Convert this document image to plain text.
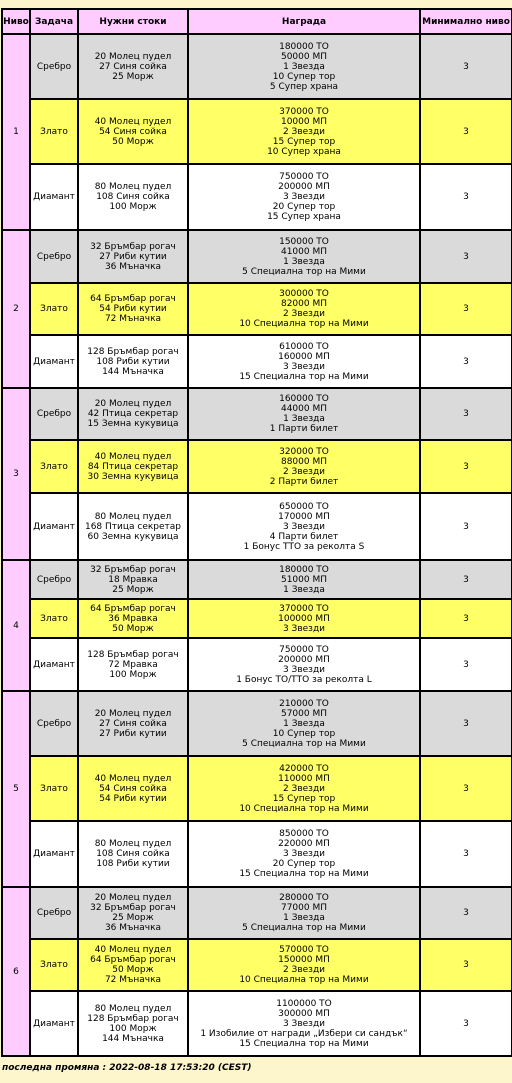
Ниво	Задача	Нужни стоки	Награда	Минимално ниво
1	Сребро	20 Молец пудел
27 Синя сойка
25 Морж	180000 ТО
50000 МП
1 Звезда
10 Супер тор
5 Супер храна	3
	Злато	40 Молец пудел
54 Синя сойка
50 Морж	370000 ТО
10000 МП
2 Звезди
15 Супер тор
10 Супер храна	3
	Диамант	80 Молец пудел
108 Синя сойка
100 Морж	750000 ТО
200000 МП
3 Звезди
20 Супер тор
15 Супер храна	3
2	Сребро	32 Бръмбар рогач
27 Риби кутии
36 Мъначка	150000 ТО
41000 МП
1 Звезда
5 Специална тор на Мими	3
	Злато	64 Бръмбар рогач
54 Риби кутии
72 Мъначка	300000 ТО
82000 МП
2 Звезди
10 Специална тор на Мими	3
	Диамант	128 Бръмбар рогач
108 Риби кутии
144 Мъначка	610000 ТО
160000 МП
3 Звезди
15 Специална тор на Мими	3
3	Сребро	20 Молец пудел
42 Птица секретар
15 Земна кукувица	160000 ТО
44000 МП
1 Звезда
1 Парти билет	3
	Злато	40 Молец пудел
84 Птица секретар
30 Земна кукувица	320000 ТО
88000 МП
2 Звезди
2 Парти билет	3
	Диамант	80 Молец пудел
168 Птица секретар
60 Земна кукувица	650000 ТО
170000 МП
3 Звезди
4 Парти билет
1 Бонус ТТО за реколта S	3
4	Сребро	32 Бръмбар рогач
18 Мравка
25 Морж	180000 ТО
51000 МП
1 Звезда	3
	Злато	64 Бръмбар рогач
36 Мравка
50 Морж	370000 ТО
100000 МП
3 Звезди	3
	Диамант	128 Бръмбар рогач
72 Мравка
100 Морж	750000 ТО
200000 МП
3 Звезди
1 Бонус ТО/ТТО за реколта L	3
5	Сребро	20 Молец пудел
27 Синя сойка
27 Риби кутии	210000 ТО
57000 МП
1 Звезда
10 Супер тор
5 Специална тор на Мими	3
	Злато	40 Молец пудел
54 Синя сойка
54 Риби кутии	420000 ТО
110000 МП
2 Звезди
15 Супер тор
10 Специална тор на Мими	3
	Диамант	80 Молец пудел
108 Синя сойка
108 Риби кутии	850000 ТО
220000 МП
3 Звезди
20 Супер тор
15 Специална тор на Мими	3
6	Сребро	20 Молец пудел
32 Бръмбар рогач
25 Морж
36 Мъначка	280000 ТО
77000 МП
1 Звезда
5 Специална тор на Мими	3
	Злато	40 Молец пудел
64 Бръмбар рогач
50 Морж
72 Мъначка	570000 ТО
150000 МП
2 Звезди
10 Специална тор на Мими	3
	Диамант	80 Молец пудел
128 Бръмбар рогач
100 Морж
144 Мъначка	1100000 ТО
300000 МП
3 Звезди
1 Изобилие от награди „Избери си сандък“
15 Специална тор на Мими	3
последна промяна : 2022-08-18 17:53:20 (CEST)
